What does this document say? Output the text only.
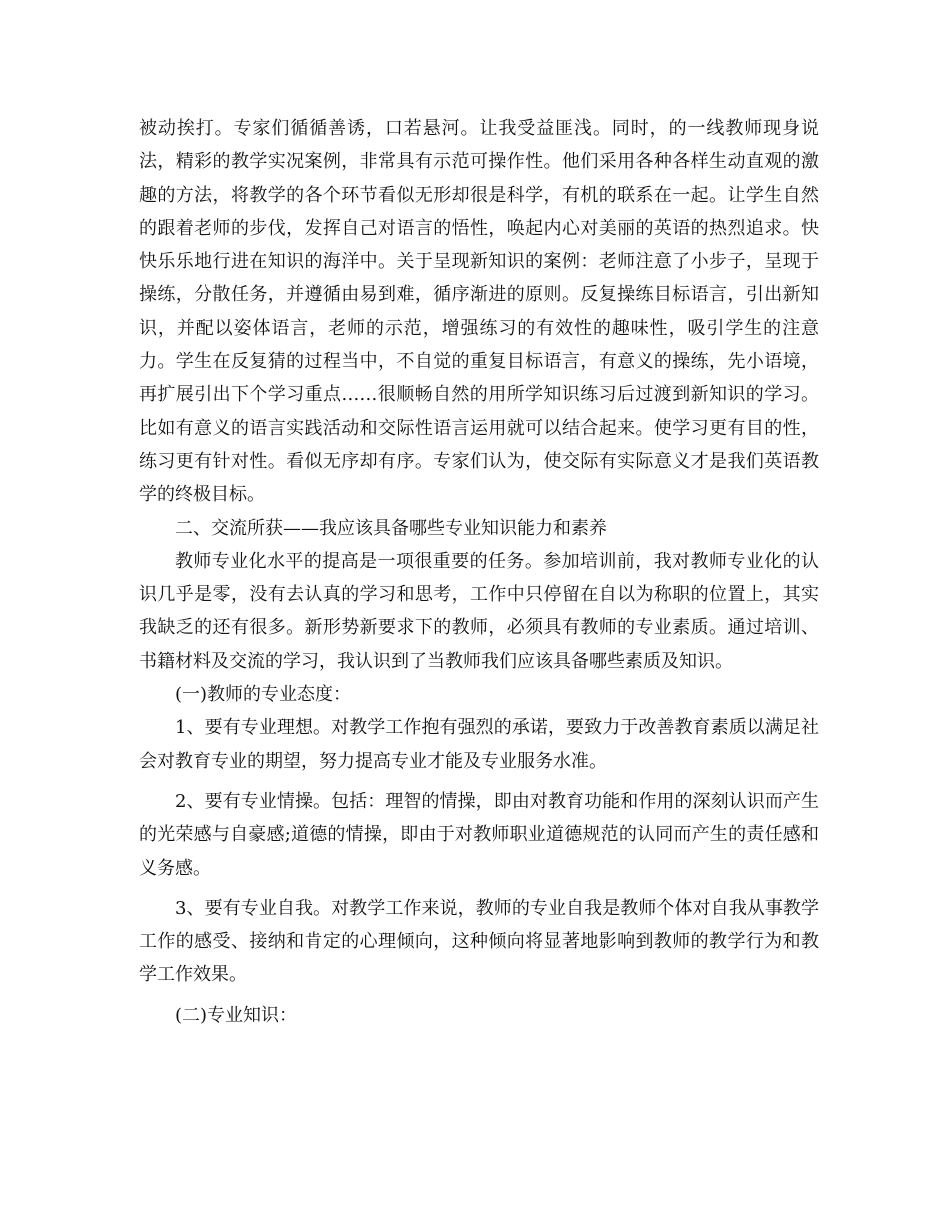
被动挨打。专家们循循善诱，口若悬河。让我受益匪浅。同时，的一线教师现身说法，精彩的教学实况案例，非常具有示范可操作性。他们采用各种各样生动直观的激趣的方法，将教学的各个环节看似无形却很是科学，有机的联系在一起。让学生自然的跟着老师的步伐，发挥自己对语言的悟性，唤起内心对美丽的英语的热烈追求。快快乐乐地行进在知识的海洋中。关于呈现新知识的案例：老师注意了小步子，呈现于操练，分散任务，并遵循由易到难，循序渐进的原则。反复操练目标语言，引出新知识，并配以姿体语言，老师的示范，增强练习的有效性的趣味性，吸引学生的注意力。学生在反复猜的过程当中，不自觉的重复目标语言，有意义的操练，先小语境，再扩展引出下个学习重点……很顺畅自然的用所学知识练习后过渡到新知识的学习。比如有意义的语言实践活动和交际性语言运用就可以结合起来。使学习更有目的性，练习更有针对性。看似无序却有序。专家们认为，使交际有实际意义才是我们英语教学的终极目标。

二、交流所获——我应该具备哪些专业知识能力和素养

教师专业化水平的提高是一项很重要的任务。参加培训前，我对教师专业化的认识几乎是零，没有去认真的学习和思考，工作中只停留在自以为称职的位置上，其实我缺乏的还有很多。新形势新要求下的教师，必须具有教师的专业素质。通过培训、书籍材料及交流的学习，我认识到了当教师我们应该具备哪些素质及知识。

(一)教师的专业态度：

1、要有专业理想。对教学工作抱有强烈的承诺，要致力于改善教育素质以满足社会对教育专业的期望，努力提高专业才能及专业服务水准。

2、要有专业情操。包括：理智的情操，即由对教育功能和作用的深刻认识而产生的光荣感与自豪感;道德的情操，即由于对教师职业道德规范的认同而产生的责任感和义务感。

3、要有专业自我。对教学工作来说，教师的专业自我是教师个体对自我从事教学工作的感受、接纳和肯定的心理倾向，这种倾向将显著地影响到教师的教学行为和教学工作效果。

(二)专业知识：
